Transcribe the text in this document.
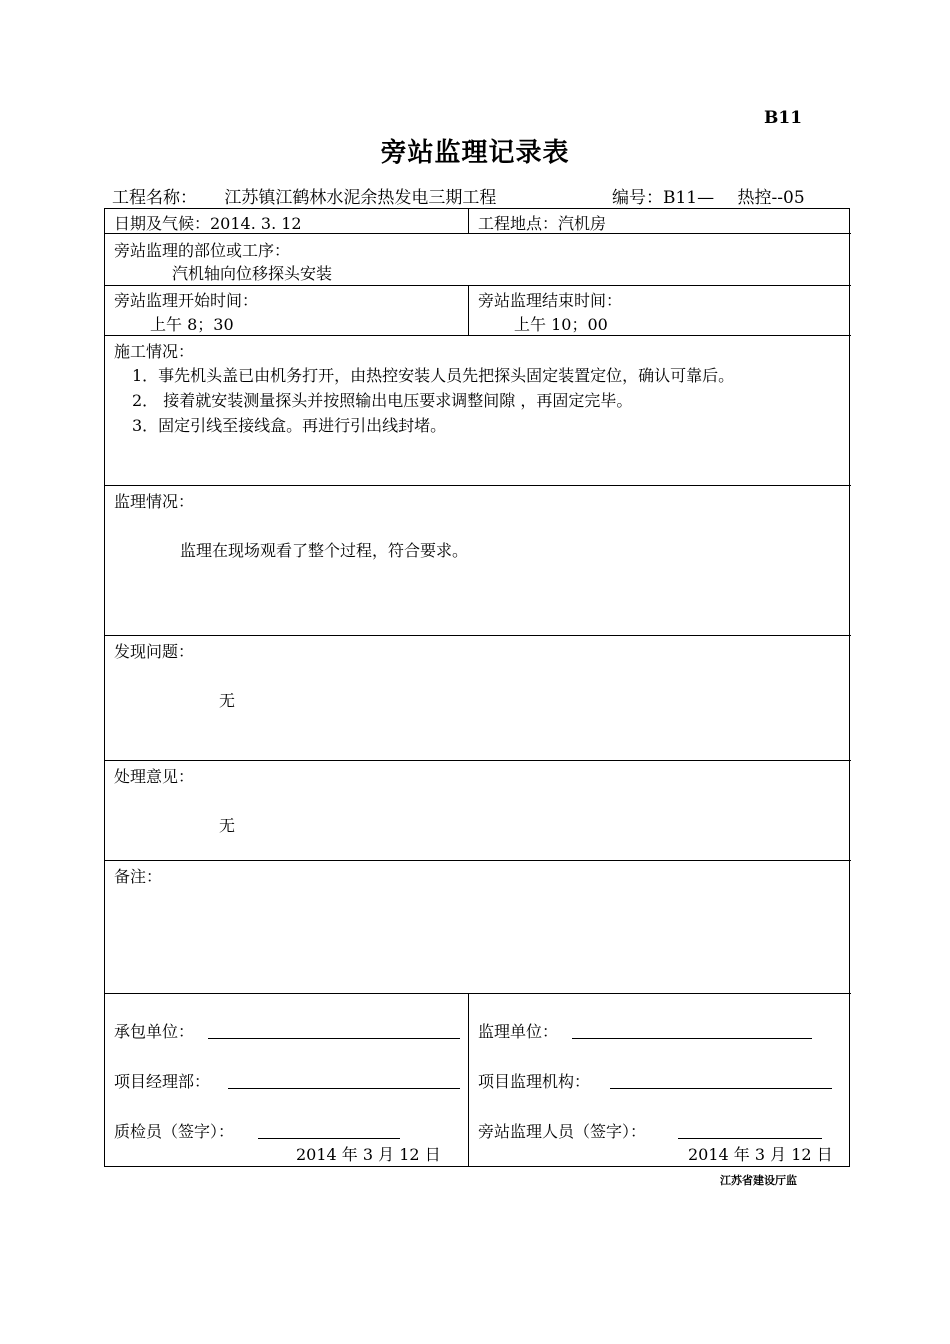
B11
旁站监理记录表
工程名称： 江苏镇江鹤林水泥余热发电三期工程	编号：B11— 热控--05
日期及气候：2014. 3. 12	工程地点：汽机房
旁站监理的部位或工序：
汽机轴向位移探头安装
旁站监理开始时间：
上午 8；30
旁站监理结束时间：
上午 10；00
施工情况：
1．事先机头盖已由机务打开，由热控安装人员先把探头固定装置定位，确认可靠后。
2． 接着就安装测量探头并按照输出电压要求调整间隙 ，再固定完毕。
3．固定引线至接线盒。再进行引出线封堵。
监理情况：
监理在现场观看了整个过程，符合要求。
发现问题：
无
处理意见：
无
备注：
承包单位：
项目经理部：
质检员（签字）：
2014 年 3 月 12 日
监理单位：
项目监理机构：
旁站监理人员（签字）：
2014 年 3 月 12 日
江苏省建设厅监
